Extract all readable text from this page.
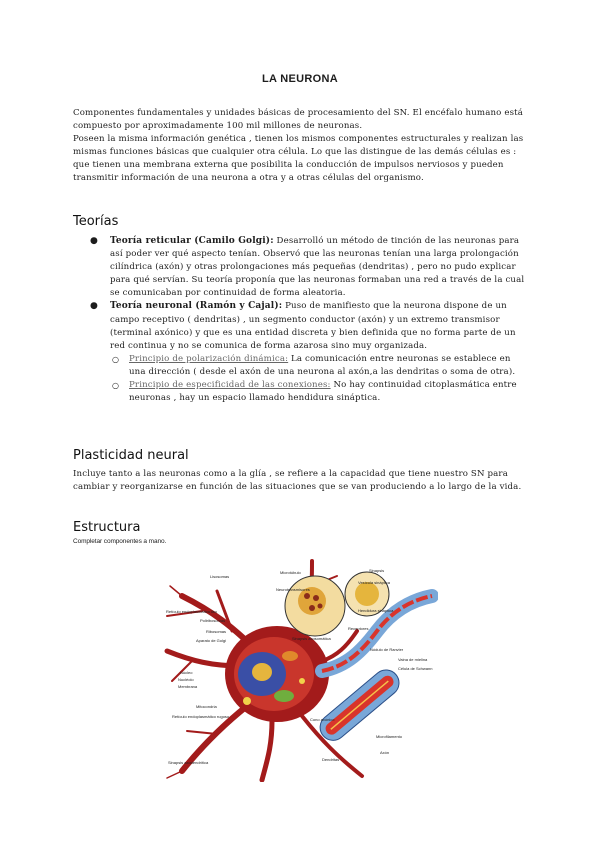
LA NEURONA
Componentes fundamentales y unidades básicas de procesamiento del SN. El encéfalo humano está compuesto por aproximadamente 100 mil millones de neuronas.
Poseen la misma información genética , tienen los mismos componentes estructurales y realizan las mismas funciones básicas que cualquier otra célula. Lo que las distingue de las demás células es : que tienen una membrana externa que posibilita la conducción de impulsos nerviosos y pueden transmitir información de una neurona a otra y a otras células del organismo.
Teorías
● Teoría reticular (Camilo Golgi): Desarrolló un método de tinción de las neuronas para así poder ver qué aspecto tenían. Observó que las neuronas tenían una larga prolongación cilíndrica (axón) y otras prolongaciones más pequeñas (dendritas) , pero no pudo explicar para qué servían. Su teoría proponía que las neuronas formaban una red a través de la cual se comunicaban por continuidad de forma aleatoria.
● Teoría neuronal (Ramón y Cajal): Puso de manifiesto que la neurona dispone de un campo receptivo ( dendritas) , un segmento conductor (axón) y un extremo transmisor (terminal axónico) y que es una entidad discreta y bien definida que no forma parte de un red continua y no se comunica de forma azarosa sino muy organizada.
○ Principio de polarización dinámica: La comunicación entre neuronas se establece en una dirección ( desde el axón de una neurona al axón,a las dendritas o soma de otra).
○ Principio de especificidad de las conexiones: No hay continuidad citoplasmática entre neuronas , hay un espacio llamado hendidura sináptica.
Plasticidad neural
Incluye tanto a las neuronas como a la glía , se refiere a la capacidad que tiene nuestro SN para cambiar y reorganizarse en función de las situaciones que se van produciendo a lo largo de la vida.
Estructura
Completar componentes a mano.
Lisosomas
Microtúbulo
Neurotransmisores
Sinapsis
Retículo endoplasmático liso
Poliribosomas
Ribosomas
Aparato de Golgi
Núcleo
Nucléolo
Membrana
Mitocondria
Retículo endoplasmático rugoso
Cono axónico
Vesícula sináptica
Hendidura sináptica
Receptores
Nódulo de Ranvier
Vaina de mielina
Célula de Schwann
Microfilamento
Axón
Dendritas
Sinapsis axosomática
Sinapsis axodendrítica
